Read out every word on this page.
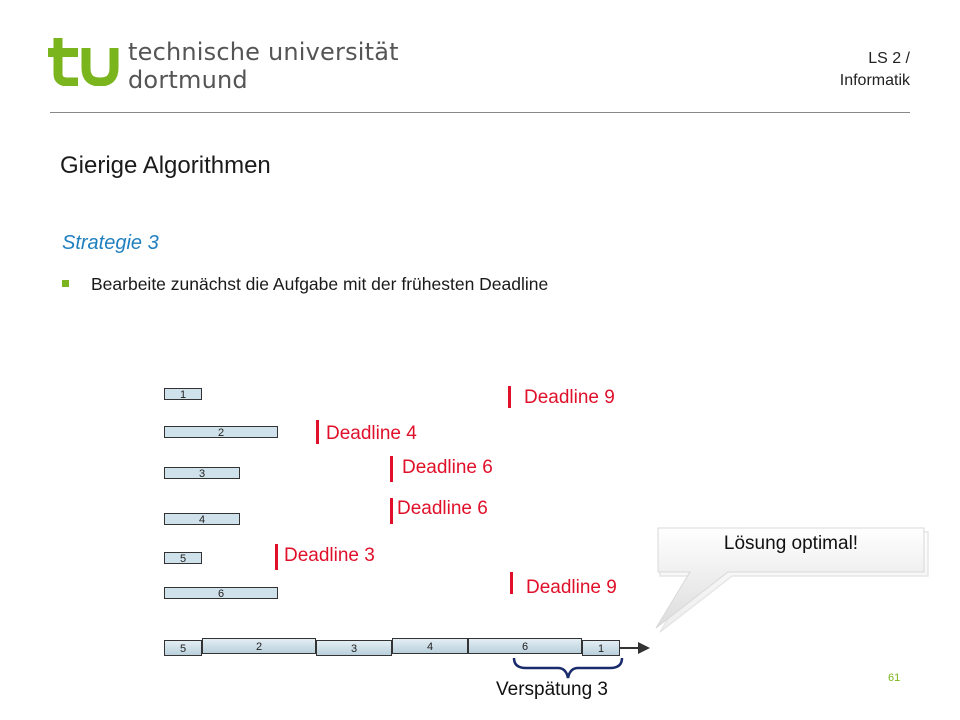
technische universität
dortmund
LS 2 /
Informatik
Gierige Algorithmen
Strategie 3
Bearbeite zunächst die Aufgabe mit der frühesten Deadline
1	Deadline 9
2	Deadline 4
3	Deadline 6
4
Deadline 6
5	Deadline 3
6	Deadline 9
5	2	3	4	6	1
Verspätung 3
Lösung optimal!
61
